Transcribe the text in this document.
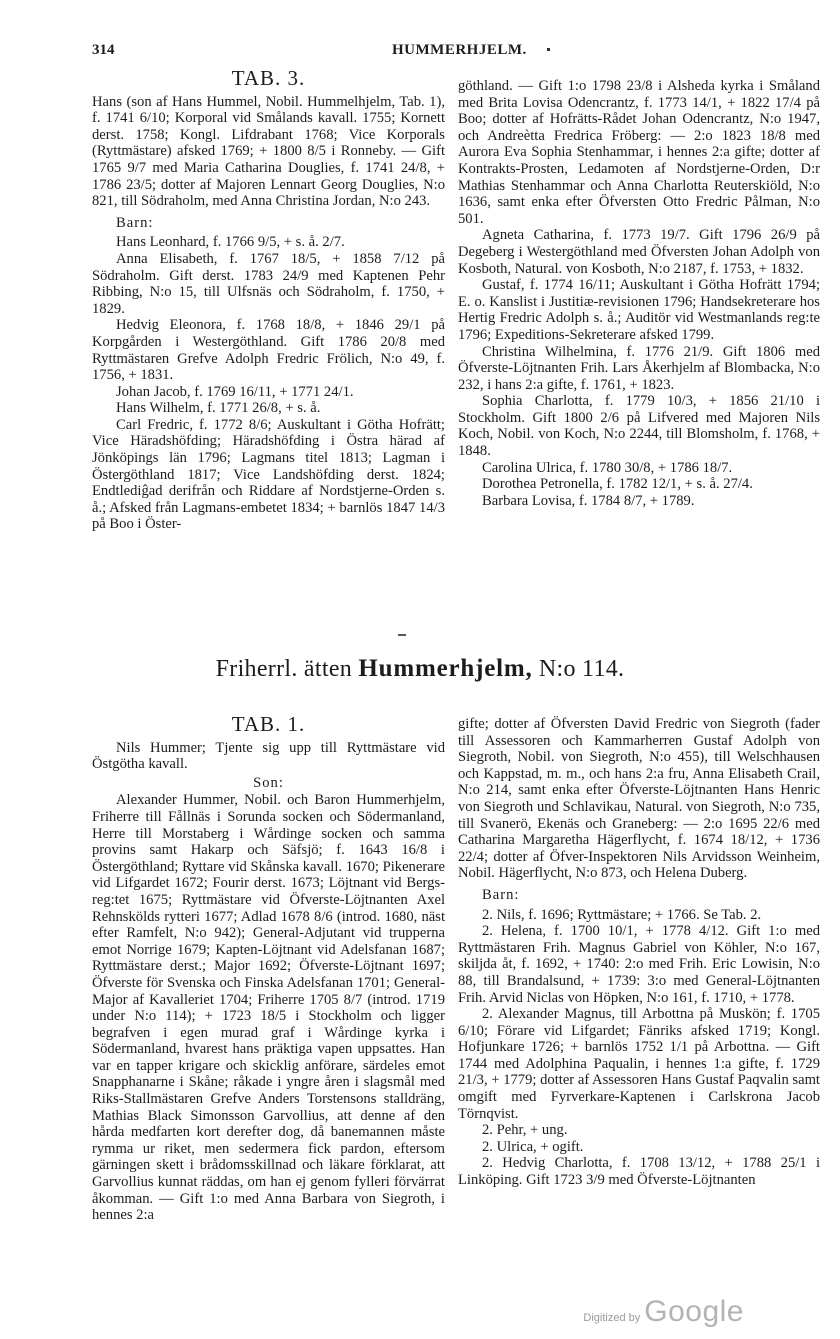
314	HUMMERHJELM.
TAB. 3.

Hans (son af Hans Hummel, Nobil. Hummelhjelm, Tab. 1), f. 1741 6/10; Korporal vid Smålands kavall. 1755; Kornett derst. 1758; Kongl. Lifdrabant 1768; Vice Korporals (Ryttmästare) afsked 1769; + 1800 8/5 i Ronneby. — Gift 1765 9/7 med Maria Catharina Douglies, f. 1741 24/8, + 1786 23/5; dotter af Majoren Lennart Georg Douglies, N:o 821, till Södraholm, med Anna Christina Jordan, N:o 243.

Barn:

Hans Leonhard, f. 1766 9/5, + s. å. 2/7.

Anna Elisabeth, f. 1767 18/5, + 1858 7/12 på Södraholm. Gift derst. 1783 24/9 med Kaptenen Pehr Ribbing, N:o 15, till Ulfsnäs och Södraholm, f. 1750, + 1829.

Hedvig Eleonora, f. 1768 18/8, + 1846 29/1 på Korpgården i Westergöthland. Gift 1786 20/8 med Ryttmästaren Grefve Adolph Fredric Frölich, N:o 49, f. 1756, + 1831.

Johan Jacob, f. 1769 16/11, + 1771 24/1.

Hans Wilhelm, f. 1771 26/8, + s. å.

Carl Fredric, f. 1772 8/6; Auskultant i Götha Hofrätt; Vice Häradshöfding; Häradshöfding i Östra härad af Jönköpings län 1796; Lagmans titel 1813; Lagman i Östergöthland 1817; Vice Landshöfding derst. 1824; Endtlediĝad derifrån och Riddare af Nordstjerne-Orden s. å.; Afsked från Lagmans-embetet 1834; + barnlös 1847 14/3 på Boo i Öster-

göthland. — Gift 1:o 1798 23/8 i Alsheda kyrka i Småland med Brita Lovisa Odencrantz, f. 1773 14/1, + 1822 17/4 på Boo; dotter af Hofrätts-Rådet Johan Odencrantz, N:o 1947, och Andreètta Fredrica Fröberg: — 2:o 1823 18/8 med Aurora Eva Sophia Stenhammar, i hennes 2:a gifte; dotter af Kontrakts-Prosten, Ledamoten af Nordstjerne-Orden, D:r Mathias Stenhammar och Anna Charlotta Reuterskiöld, N:o 1636, samt enka efter Öfversten Otto Fredric Pålman, N:o 501.

Agneta Catharina, f. 1773 19/7. Gift 1796 26/9 på Degeberg i Westergöthland med Öfversten Johan Adolph von Kosboth, Natural. von Kosboth, N:o 2187, f. 1753, + 1832.

Gustaf, f. 1774 16/11; Auskultant i Götha Hofrätt 1794; E. o. Kanslist i Justitiæ-revisionen 1796; Handsekreterare hos Hertig Fredric Adolph s. å.; Auditör vid Westmanlands reg:te 1796; Expeditions-Sekreterare afsked 1799.

Christina Wilhelmina, f. 1776 21/9. Gift 1806 med Öfverste-Löjtnanten Frih. Lars Åkerhjelm af Blombacka, N:o 232, i hans 2:a gifte, f. 1761, + 1823.

Sophia Charlotta, f. 1779 10/3, + 1856 21/10 i Stockholm. Gift 1800 2/6 på Lifvered med Majoren Nils Koch, Nobil. von Koch, N:o 2244, till Blomsholm, f. 1768, + 1848.

Carolina Ulrica, f. 1780 30/8, + 1786 18/7.

Dorothea Petronella, f. 1782 12/1, + s. å. 27/4.

Barbara Lovisa, f. 1784 8/7, + 1789.

Friherrl. ätten Hummerhjelm, N:o 114.
TAB. 1.

Nils Hummer; Tjente sig upp till Ryttmästare vid Östgötha kavall.

Son:

Alexander Hummer, Nobil. och Baron Hummerhjelm, Friherre till Fållnäs i Sorunda socken och Södermanland, Herre till Morstaberg i Wårdinge socken och samma provins samt Hakarp och Säfsjö; f. 1643 16/8 i Östergöthland; Ryttare vid Skånska kavall. 1670; Pikenerare vid Lifgardet 1672; Fourir derst. 1673; Löjtnant vid Bergs-reg:tet 1675; Ryttmästare vid Öfverste-Löjtnanten Axel Rehnskölds rytteri 1677; Adlad 1678 8/6 (introd. 1680, näst efter Ramfelt, N:o 942); General-Adjutant vid trupperna emot Norrige 1679; Kapten-Löjtnant vid Adelsfanan 1687; Ryttmästare derst.; Major 1692; Öfverste-Löjtnant 1697; Öfverste för Svenska och Finska Adelsfanan 1701; General-Major af Kavalleriet 1704; Friherre 1705 8/7 (introd. 1719 under N:o 114); + 1723 18/5 i Stockholm och ligger begrafven i egen murad graf i Wårdinge kyrka i Södermanland, hvarest hans präktiga vapen uppsattes. Han var en tapper krigare och skicklig anförare, särdeles emot Snapphanarne i Skåne; råkade i yngre åren i slagsmål med Riks-Stallmästaren Grefve Anders Torstensons stalldräng, Mathias Black Simonsson Garvollius, att denne af den hårda medfarten kort derefter dog, då banemannen måste rymma ur riket, men sedermera fick pardon, eftersom gärningen skett i brådomsskillnad och läkare förklarat, att Garvollius kunnat räddas, om han ej genom fylleri förvärrat åkomman. — Gift 1:o med Anna Barbara von Siegroth, i hennes 2:a

gifte; dotter af Öfversten David Fredric von Siegroth (fader till Assessoren och Kammarherren Gustaf Adolph von Siegroth, Nobil. von Siegroth, N:o 455), till Welschhausen och Kappstad, m. m., och hans 2:a fru, Anna Elisabeth Crail, N:o 214, samt enka efter Öfverste-Löjtnanten Hans Henric von Siegroth und Schlavikau, Natural. von Siegroth, N:o 735, till Svanerö, Ekenäs och Graneberg: — 2:o 1695 22/6 med Catharina Margaretha Hägerflycht, f. 1674 18/12, + 1736 22/4; dotter af Öfver-Inspektoren Nils Arvidsson Weinheim, Nobil. Hägerflycht, N:o 873, och Helena Duberg.

Barn:

2. Nils, f. 1696; Ryttmästare; + 1766. Se Tab. 2.

2. Helena, f. 1700 10/1, + 1778 4/12. Gift 1:o med Ryttmästaren Frih. Magnus Gabriel von Köhler, N:o 167, skiljda åt, f. 1692, + 1740: 2:o med Frih. Eric Lowisin, N:o 88, till Brandalsund, + 1739: 3:o med General-Löjtnanten Frih. Arvid Niclas von Höpken, N:o 161, f. 1710, + 1778.

2. Alexander Magnus, till Arbottna på Muskön; f. 1705 6/10; Förare vid Lifgardet; Fänriks afsked 1719; Kongl. Hofjunkare 1726; + barnlös 1752 1/1 på Arbottna. — Gift 1744 med Adolphina Paqualin, i hennes 1:a gifte, f. 1729 21/3, + 1779; dotter af Assessoren Hans Gustaf Paqvalin samt omgift med Fyrverkare-Kaptenen i Carlskrona Jacob Törnqvist.

2. Pehr, + ung.

2. Ulrica, + ogift.

2. Hedvig Charlotta, f. 1708 13/12, + 1788 25/1 i Linköping. Gift 1723 3/9 med Öfverste-Löjtnanten

Digitized by Google
